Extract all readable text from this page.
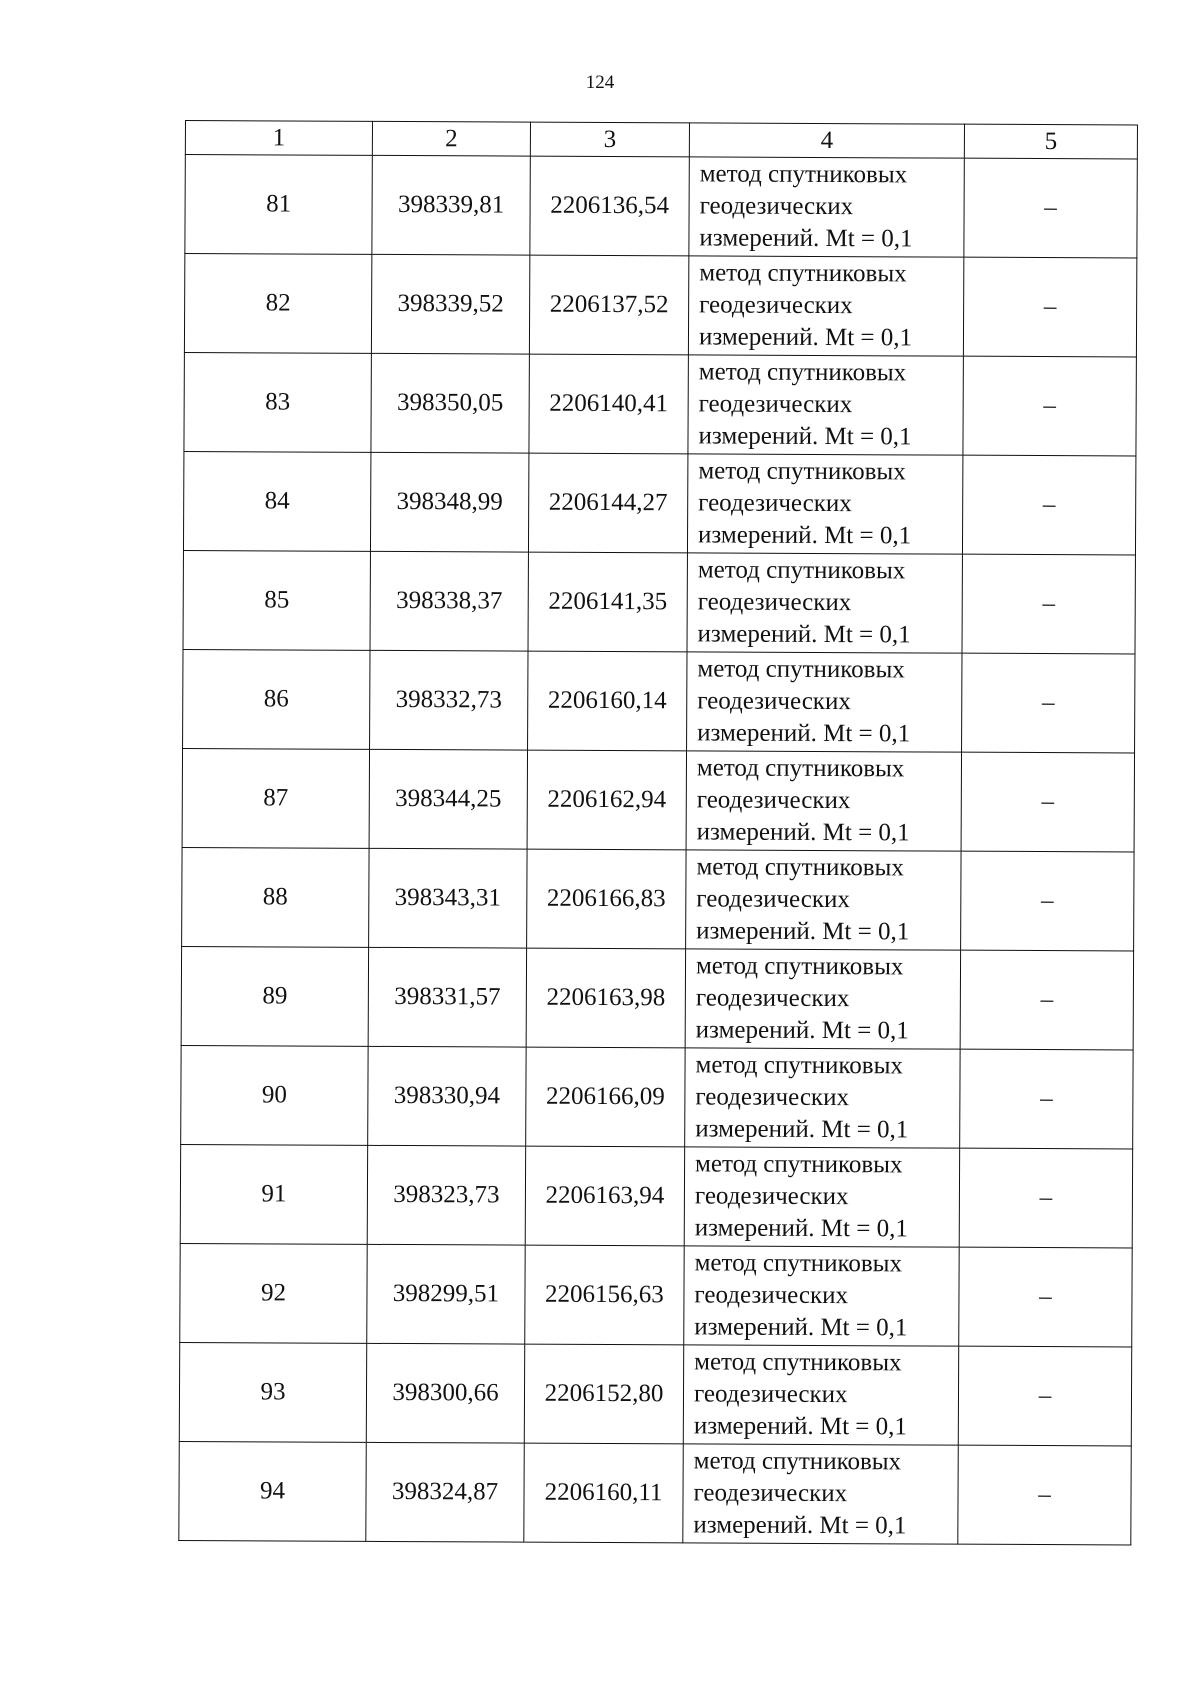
124
1	2	3	4	5
81	398339,81	2206136,54	метод спутниковых
геодезических
измерений. Mt = 0,1	–
82	398339,52	2206137,52	метод спутниковых
геодезических
измерений. Mt = 0,1	–
83	398350,05	2206140,41	метод спутниковых
геодезических
измерений. Mt = 0,1	–
84	398348,99	2206144,27	метод спутниковых
геодезических
измерений. Mt = 0,1	–
85	398338,37	2206141,35	метод спутниковых
геодезических
измерений. Mt = 0,1	–
86	398332,73	2206160,14	метод спутниковых
геодезических
измерений. Mt = 0,1	–
87	398344,25	2206162,94	метод спутниковых
геодезических
измерений. Mt = 0,1	–
88	398343,31	2206166,83	метод спутниковых
геодезических
измерений. Mt = 0,1	–
89	398331,57	2206163,98	метод спутниковых
геодезических
измерений. Mt = 0,1	–
90	398330,94	2206166,09	метод спутниковых
геодезических
измерений. Mt = 0,1	–
91	398323,73	2206163,94	метод спутниковых
геодезических
измерений. Mt = 0,1	–
92	398299,51	2206156,63	метод спутниковых
геодезических
измерений. Mt = 0,1	–
93	398300,66	2206152,80	метод спутниковых
геодезических
измерений. Mt = 0,1	–
94	398324,87	2206160,11	метод спутниковых
геодезических
измерений. Mt = 0,1	–
